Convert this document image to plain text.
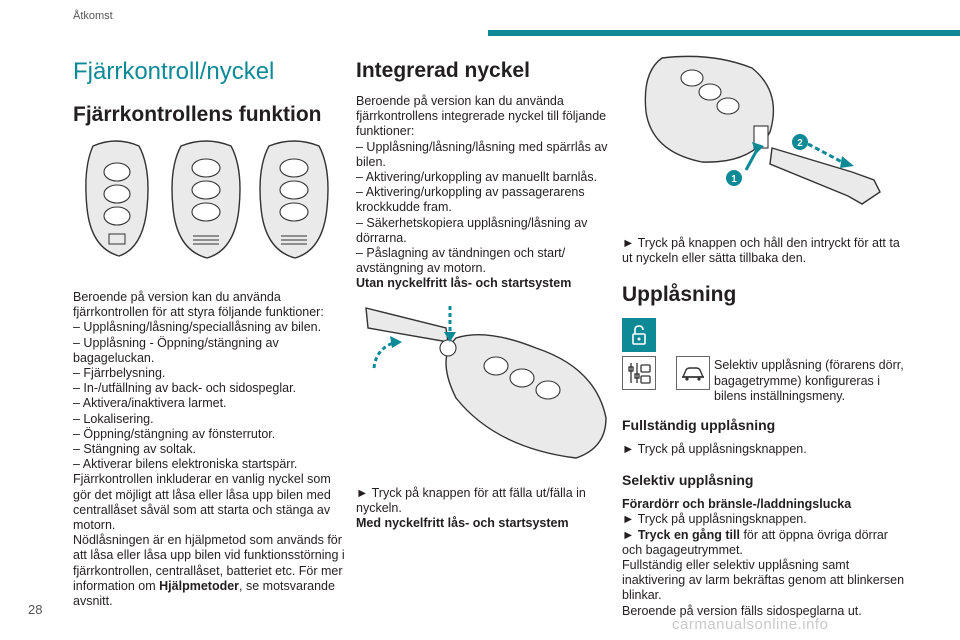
Åtkomst
Fjärrkontroll/nyckel
Fjärrkontrollens funktion

Beroende på version kan du använda fjärrkontrollen för att styra följande funktioner:

– Upplåsning/låsning/speciallåsning av bilen.

– Upplåsning - Öppning/stängning av bagageluckan.

– Fjärrbelysning.

– In-/utfällning av back- och sidospeglar.

– Aktivera/inaktivera larmet.

– Lokalisering.

– Öppning/stängning av fönsterrutor.

– Stängning av soltak.

– Aktiverar bilens elektroniska startspärr.

Fjärrkontrollen inkluderar en vanlig nyckel som gör det möjligt att låsa eller låsa upp bilen med centrallåset såväl som att starta och stänga av motorn.

Nödlåsningen är en hjälpmetod som används för att låsa eller låsa upp bilen vid funktionsstörning i fjärrkontrollen, centrallåset, batteriet etc. För mer information om Hjälpmetoder, se motsvarande avsnitt.

Integrerad nyckel

Beroende på version kan du använda fjärrkontrollens integrerade nyckel till följande funktioner:

– Upplåsning/låsning/låsning med spärrlås av bilen.

– Aktivering/urkoppling av manuellt barnlås.

– Aktivering/urkoppling av passagerarens krockkudde fram.

– Säkerhetskopiera upplåsning/låsning av dörrarna.

– Påslagning av tändningen och start/ avstängning av motorn.

Utan nyckelfritt lås- och startsystem

► Tryck på knappen för att fälla ut/fälla in nyckeln.

Med nyckelfritt lås- och startsystem

1
2

► Tryck på knappen och håll den intryckt för att ta ut nyckeln eller sätta tillbaka den.

Upplåsning

Selektiv upplåsning (förarens dörr, bagagetrymme) konfigureras i bilens inställningsmeny.

Fullständig upplåsning

► Tryck på upplåsningsknappen.

Selektiv upplåsning

Förardörr och bränsle-/laddningslucka

► Tryck på upplåsningsknappen.

► Tryck en gång till för att öppna övriga dörrar och bagageutrymmet.

Fullständig eller selektiv upplåsning samt inaktivering av larm bekräftas genom att blinkersen blinkar.

Beroende på version fälls sidospeglarna ut.

28
carmanualsonline.info
